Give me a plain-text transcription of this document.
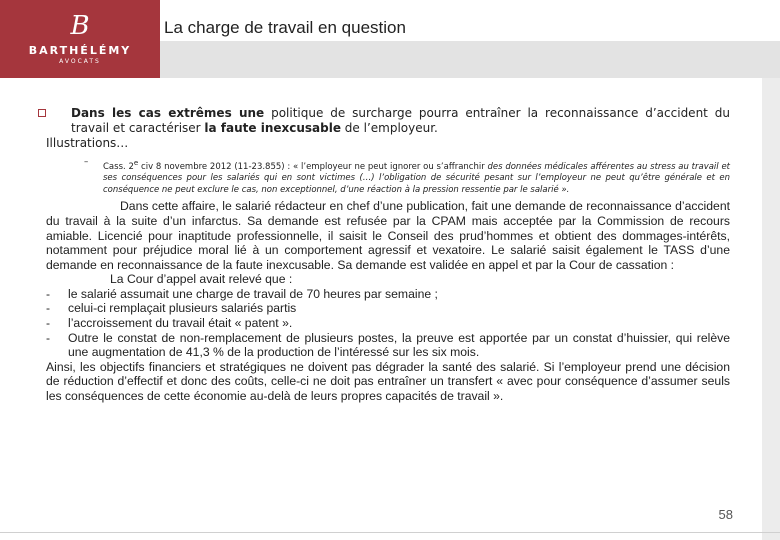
B
BARTHÉLÉMY
AVOCATS
La charge de travail en question
Dans les cas extrêmes une politique de surcharge pourra entraîner la reconnaissance d’accident du travail et caractériser la faute inexcusable de l’employeur.
Illustrations…
– Cass. 2e civ 8 novembre 2012 (11-23.855) : « l’employeur ne peut ignorer ou s’affranchir des données médicales afférentes au stress au travail et ses conséquences pour les salariés qui en sont victimes (…) l’obligation de sécurité pesant sur l’employeur ne peut qu’être générale et en conséquence ne peut exclure le cas, non exceptionnel, d’une réaction à la pression ressentie par le salarié ».
Dans cette affaire, le salarié rédacteur en chef d’une publication, fait une demande de reconnaissance d’accident du travail à la suite d’un infarctus. Sa demande est refusée par la CPAM mais acceptée par la Commission de recours amiable. Licencié pour inaptitude professionnelle, il saisit le Conseil des prud’hommes et obtient des dommages-intérêts, notamment pour préjudice moral lié à un comportement agressif et vexatoire. Le salarié saisit également le TASS d’une demande en reconnaissance de la faute inexcusable. Sa demande est validée en appel et par la Cour de cassation :
La Cour d’appel avait relevé que :
- le salarié assumait une charge de travail de 70 heures par semaine ;
- celui-ci remplaçait plusieurs salariés partis
- l’accroissement du travail était « patent ».
- Outre le constat de non-remplacement de plusieurs postes, la preuve est apportée par un constat d’huissier, qui relève une augmentation de 41,3 % de la production de l’intéressé sur les six mois.
Ainsi, les objectifs financiers et stratégiques ne doivent pas dégrader la santé des salarié. Si l’employeur prend une décision de réduction d’effectif et donc des coûts, celle-ci ne doit pas entraîner un transfert « avec pour conséquence d’assumer seuls les conséquences de cette économie au-delà de leurs propres capacités de travail ».
58
